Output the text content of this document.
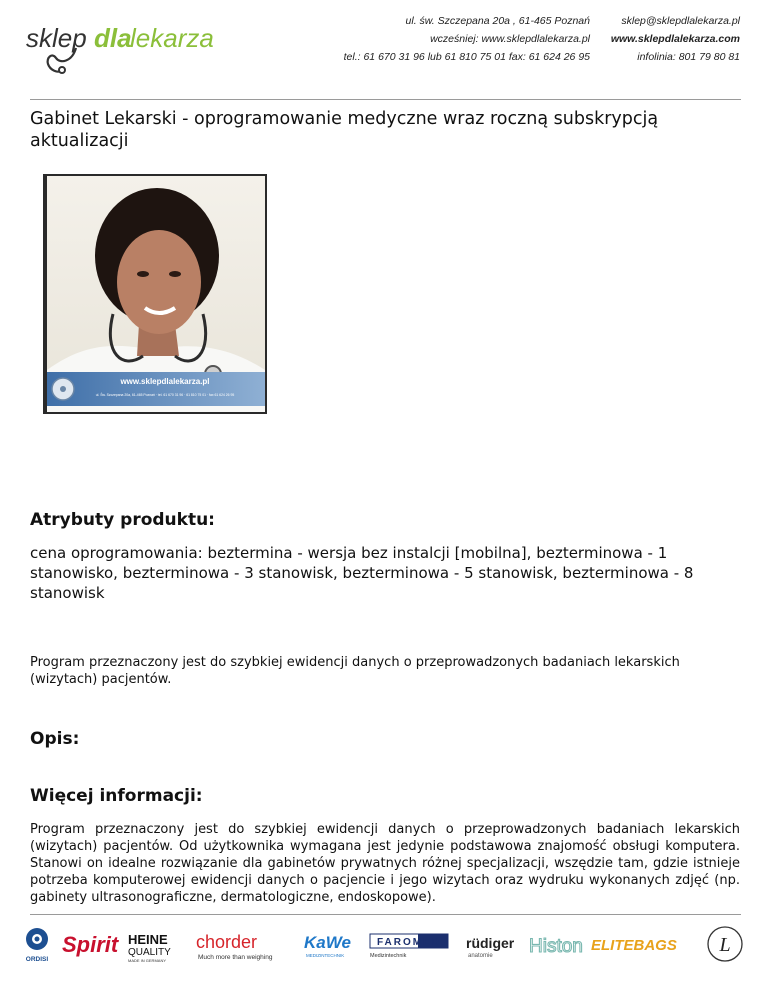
sklep dla
lekarza
ul. św. Szczepana 20a , 61-465 Poznań
wcześniej: www.sklepdlalekarza.pl
tel.: 61 670 31 96 lub 61 810 75 01 fax: 61 624 26 95
sklep@sklepdlalekarza.pl
www.sklepdlalekarza.com
infolinia: 801 79 80 81
Gabinet Lekarski - oprogramowanie medyczne wraz roczną subskrypcją aktualizacji
www.sklepdlalekarza.pl
ul. Św. Szczepana 20a, 61-465 Poznań · tel. 61 670 31 96 · 61 810 75 01 · fax 61 624 26 95
Atrybuty produktu:
cena oprogramowania: beztermina - wersja bez instalcji [mobilna], bezterminowa - 1 stanowisko, bezterminowa - 3 stanowisk, bezterminowa - 5 stanowisk, bezterminowa - 8 stanowisk
Program przeznaczony jest do szybkiej ewidencji danych o przeprowadzonych badaniach lekarskich (wizytach) pacjentów.
Opis:
Więcej informacji:
Program przeznaczony jest do szybkiej ewidencji danych o przeprowadzonych badaniach lekarskich (wizytach) pacjentów. Od użytkownika wymagana jest jedynie podstawowa znajomość obsługi komputera. Stanowi on idealne rozwiązanie dla gabinetów prywatnych różnej specjalizacji, wszędzie tam, gdzie istnieje potrzeba komputerowej ewidencji danych o pacjencie i jego wizytach oraz wydruku wykonanych zdjęć (np. gabinety ultrasonograficzne, dermatologiczne, endoskopowe).
ORDISI
Spirit HEINE
QUALITY
MADE IN GERMANY
chorder
Much more than weighing
KaWe
MEDIZINTECHNIK
FAROMED
Medizintechnik
rüdiger
anatomie Histon ELITEBAGS L
